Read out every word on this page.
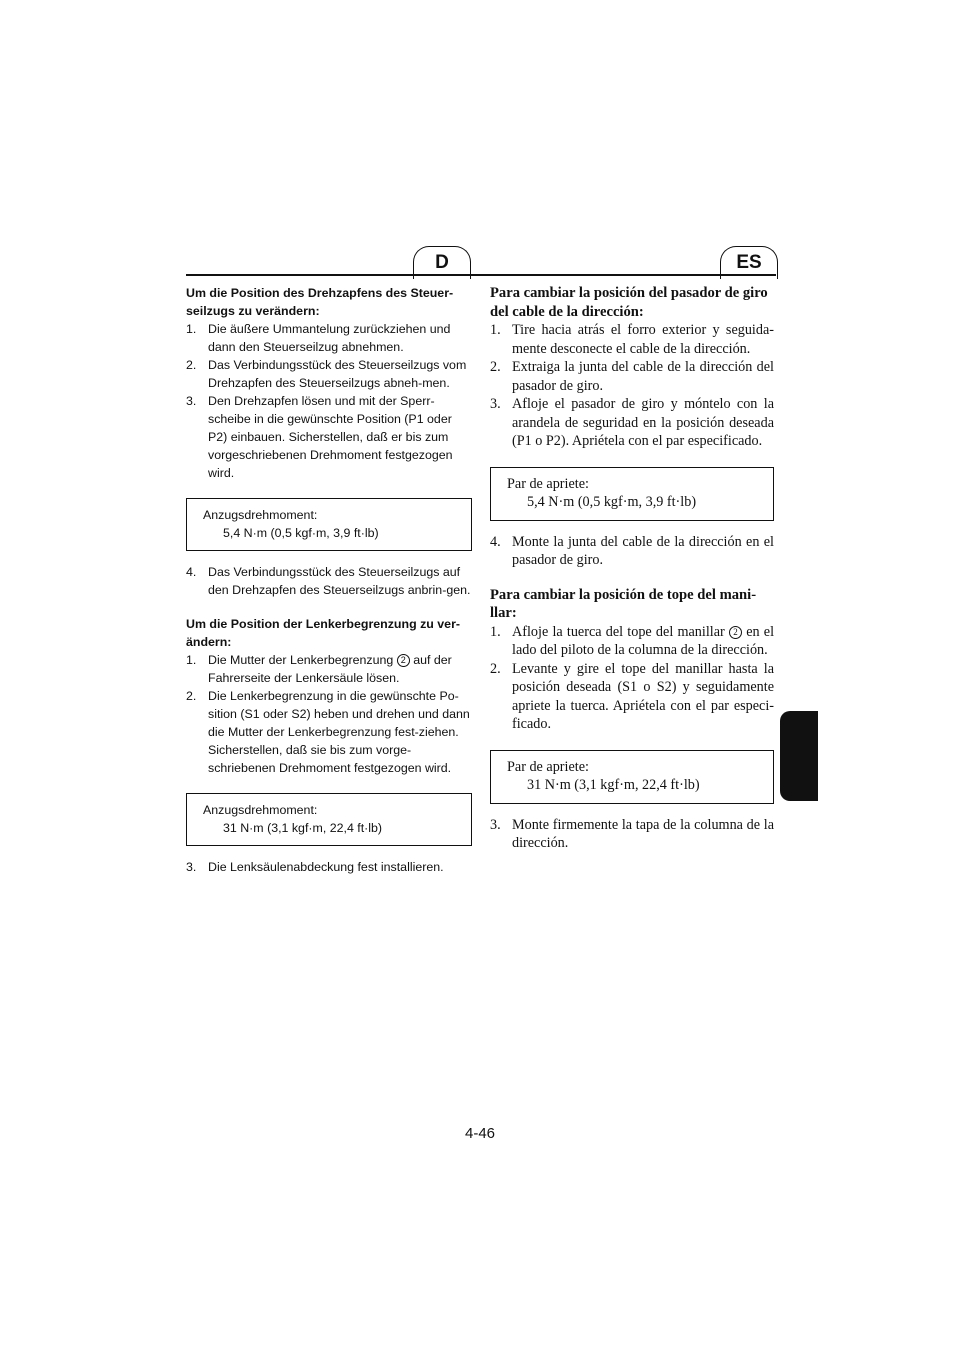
D	ES

Um die Position des Drehzapfens des Steuer-seilzugs zu verändern:

1. Die äußere Ummantelung zurückziehen und dann den Steuerseilzug abnehmen.
2. Das Verbindungsstück des Steuerseilzugs vom Drehzapfen des Steuerseilzugs abneh-men.
3. Den Drehzapfen lösen und mit der Sperr-scheibe in die gewünschte Position (P1 oder P2) einbauen. Sicherstellen, daß er bis zum vorgeschriebenen Drehmoment festgezogen wird.
Anzugsdrehmoment:
5,4 N·m (0,5 kgf·m, 3,9 ft·lb)
4. Das Verbindungsstück des Steuerseilzugs auf den Drehzapfen des Steuerseilzugs anbrin-gen.

Um die Position der Lenkerbegrenzung zu ver-ändern:

1. Die Mutter der Lenkerbegrenzung 2 auf der Fahrerseite der Lenkersäule lösen.
2. Die Lenkerbegrenzung in die gewünschte Po-sition (S1 oder S2) heben und drehen und dann die Mutter der Lenkerbegrenzung fest-ziehen. Sicherstellen, daß sie bis zum vorge-schriebenen Drehmoment festgezogen wird.
Anzugsdrehmoment:
31 N·m (3,1 kgf·m, 22,4 ft·lb)
3. Die Lenksäulenabdeckung fest installieren.

Para cambiar la posición del pasador de giro del cable de la dirección:

1. Tire hacia atrás el forro exterior y seguida-mente desconecte el cable de la dirección.
2. Extraiga la junta del cable de la dirección del pasador de giro.
3. Afloje el pasador de giro y móntelo con la arandela de seguridad en la posición deseada (P1 o P2). Apriételа con el par especificado.
Par de apriete:
5,4 N·m (0,5 kgf·m, 3,9 ft·lb)
4. Monte la junta del cable de la dirección en el pasador de giro.

Para cambiar la posición de tope del mani-llar:

1. Afloje la tuerca del tope del manillar 2 en el lado del piloto de la columna de la dirección.
2. Levante y gire el tope del manillar hasta la posición deseada (S1 o S2) y seguidamente apriete la tuerca. Apriétela con el par especi-ficado.
Par de apriete:
31 N·m (3,1 kgf·m, 22,4 ft·lb)
3. Monte firmemente la tapa de la columna de la dirección.
4-46
